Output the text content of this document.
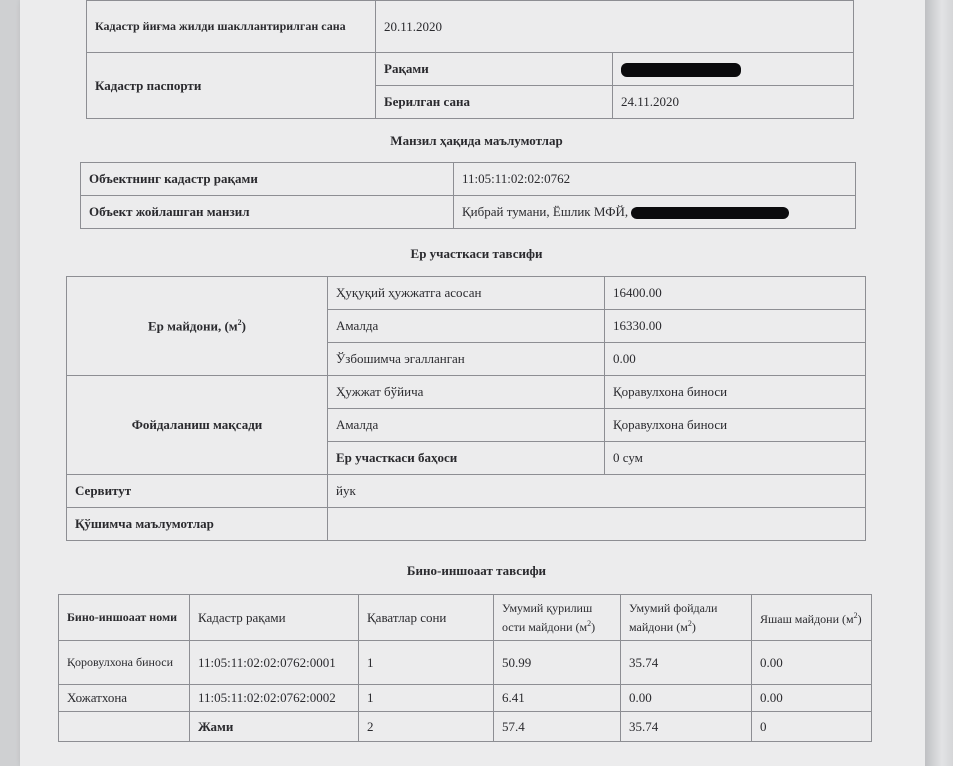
Кадастр йиғма жилди шакллантирилган сана	20.11.2020	
Кадастр паспорти	Рақами	
	Берилган сана	24.11.2020
Манзил ҳақида маълумотлар
Объектнинг кадастр рақами	11:05:11:02:02:0762
Объект жойлашган манзил	Қибрай тумани, Ёшлик МФЙ,
Ер участкаси тавсифи
Ер майдони, $(м^2)$	Ҳуқуқий ҳужжатга асосан	16400.00
	Амалда	16330.00
	Ўзбошимча эгалланган	0.00
Фойдаланиш мақсади	Ҳужжат бўйича	Қоравулхона биноси
	Амалда	Қоравулхона биноси
	Ер участкаси баҳоси	0 сум
Сервитут	йук	
Қўшимча маълумотлар		
Бино-иншоаат тавсифи
Бино-иншоаат номи	Кадастр рақами	Қаватлар сони	Умумий қурилиш ости майдони $(м^2)$	Умумий фойдали майдони $(м^2)$	Яшаш майдони $(м^2)$
Қоровулхона биноси	11:05:11:02:02:0762:0001	1	50.99	35.74	0.00
Хожатхона	11:05:11:02:02:0762:0002	1	6.41	0.00	0.00
	Жами	2	57.4	35.74	0
